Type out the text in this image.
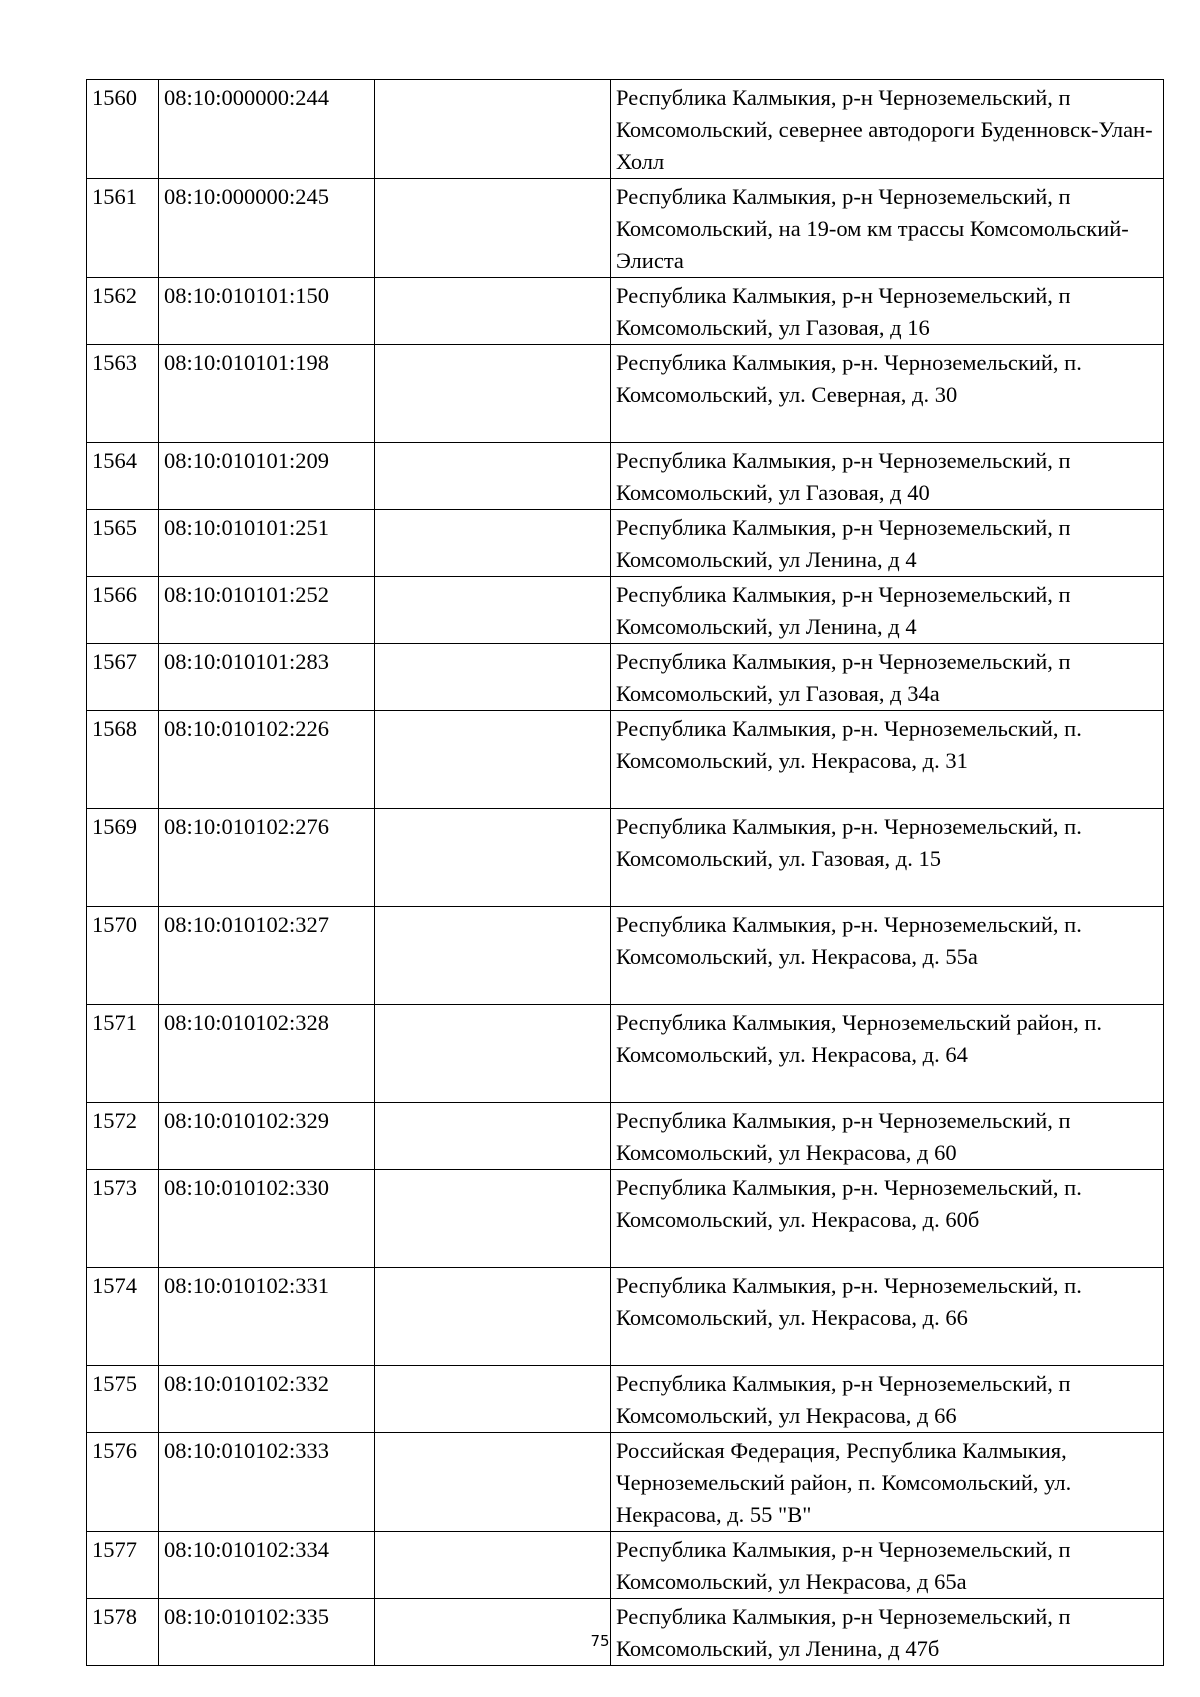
1560	08:10:000000:244		Республика Калмыкия, р-н Черноземельский, п Комсомольский, севернее автодороги Буденновск-Улан-Холл
1561	08:10:000000:245		Республика Калмыкия, р-н Черноземельский, п Комсомольский, на 19-ом км трассы Комсомольский-Элиста
1562	08:10:010101:150		Республика Калмыкия, р-н Черноземельский, п Комсомольский, ул Газовая, д 16
1563	08:10:010101:198		Республика Калмыкия, р-н. Черноземельский, п. Комсомольский, ул. Северная, д. 30
1564	08:10:010101:209		Республика Калмыкия, р-н Черноземельский, п Комсомольский, ул Газовая, д 40
1565	08:10:010101:251		Республика Калмыкия, р-н Черноземельский, п Комсомольский, ул Ленина, д 4
1566	08:10:010101:252		Республика Калмыкия, р-н Черноземельский, п Комсомольский, ул Ленина, д 4
1567	08:10:010101:283		Республика Калмыкия, р-н Черноземельский, п Комсомольский, ул Газовая, д 34а
1568	08:10:010102:226		Республика Калмыкия, р-н. Черноземельский, п. Комсомольский, ул. Некрасова, д. 31
1569	08:10:010102:276		Республика Калмыкия, р-н. Черноземельский, п. Комсомольский, ул. Газовая, д. 15
1570	08:10:010102:327		Республика Калмыкия, р-н. Черноземельский, п. Комсомольский, ул. Некрасова, д. 55а
1571	08:10:010102:328		Республика Калмыкия, Черноземельский район, п. Комсомольский, ул. Некрасова, д. 64
1572	08:10:010102:329		Республика Калмыкия, р-н Черноземельский, п Комсомольский, ул Некрасова, д 60
1573	08:10:010102:330		Республика Калмыкия, р-н. Черноземельский, п. Комсомольский, ул. Некрасова, д. 60б
1574	08:10:010102:331		Республика Калмыкия, р-н. Черноземельский, п. Комсомольский, ул. Некрасова, д. 66
1575	08:10:010102:332		Республика Калмыкия, р-н Черноземельский, п Комсомольский, ул Некрасова, д 66
1576	08:10:010102:333		Российская Федерация, Республика Калмыкия, Черноземельский район, п. Комсомольский, ул. Некрасова, д. 55 "В"
1577	08:10:010102:334		Республика Калмыкия, р-н Черноземельский, п Комсомольский, ул Некрасова, д 65а
1578	08:10:010102:335		Республика Калмыкия, р-н Черноземельский, п Комсомольский, ул Ленина, д 47б
75
